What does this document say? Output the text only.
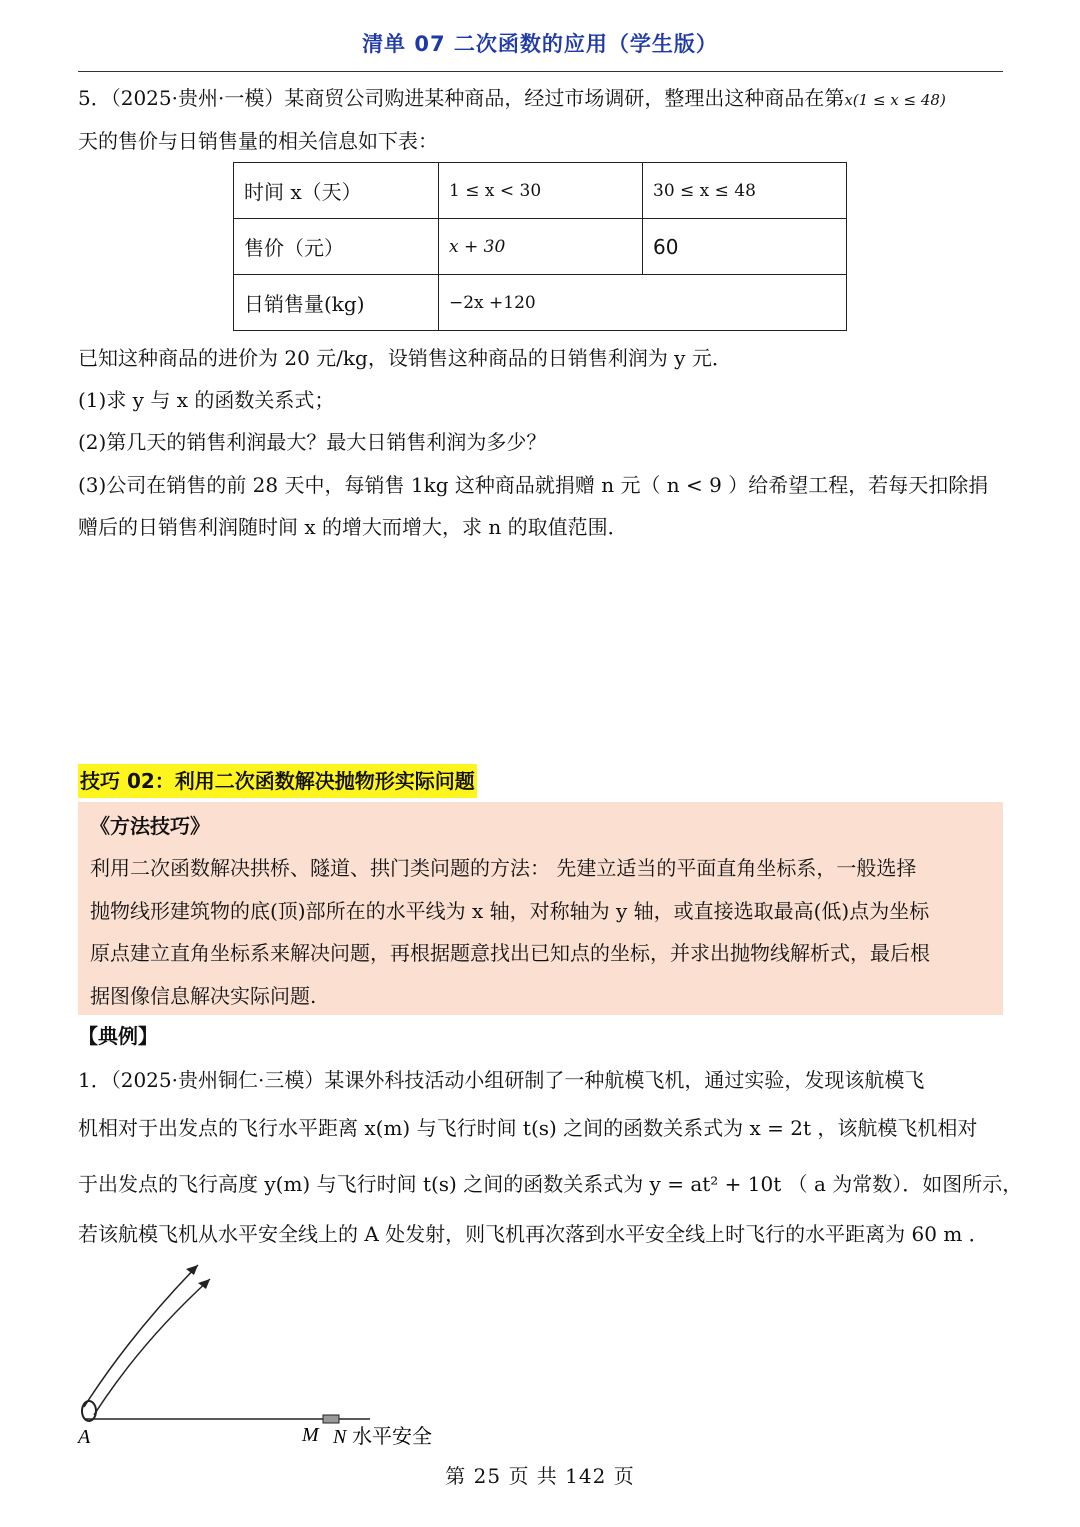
清单 07 二次函数的应用（学生版）
5．（2025·贵州·一模）某商贸公司购进某种商品，经过市场调研，整理出这种商品在第x(1 ≤ x ≤ 48)
天的售价与日销售量的相关信息如下表：
时间 x（天）	1 ≤ x < 30	30 ≤ x ≤ 48
售价（元）	x + 30	60
日销售量(kg)	−2x +120	
已知这种商品的进价为 20 元/kg，设销售这种商品的日销售利润为 y 元．
(1)求 y 与 x 的函数关系式；
(2)第几天的销售利润最大？最大日销售利润为多少？
(3)公司在销售的前 28 天中，每销售 1kg 这种商品就捐赠 n 元（ n < 9 ）给希望工程，若每天扣除捐
赠后的日销售利润随时间 x 的增大而增大，求 n 的取值范围．
技巧 02：利用二次函数解决抛物形实际问题
《方法技巧》
利用二次函数解决拱桥、隧道、拱门类问题的方法： 先建立适当的平面直角坐标系，一般选择
抛物线形建筑物的底(顶)部所在的水平线为 x 轴，对称轴为 y 轴，或直接选取最高(低)点为坐标
原点建立直角坐标系来解决问题，再根据题意找出已知点的坐标，并求出抛物线解析式，最后根
据图像信息解决实际问题.
【典例】
1．（2025·贵州铜仁·三模）某课外科技活动小组研制了一种航模飞机，通过实验，发现该航模飞
机相对于出发点的飞行水平距离 x(m) 与飞行时间 t(s) 之间的函数关系式为 x = 2t ，该航模飞机相对
于出发点的飞行高度 y(m) 与飞行时间 t(s) 之间的函数关系式为 y = at² + 10t （ a 为常数）．如图所示，
若该航模飞机从水平安全线上的 A 处发射，则飞机再次落到水平安全线上时飞行的水平距离为 60 m ．
A	M N 水平安全
第 25 页 共 142 页
